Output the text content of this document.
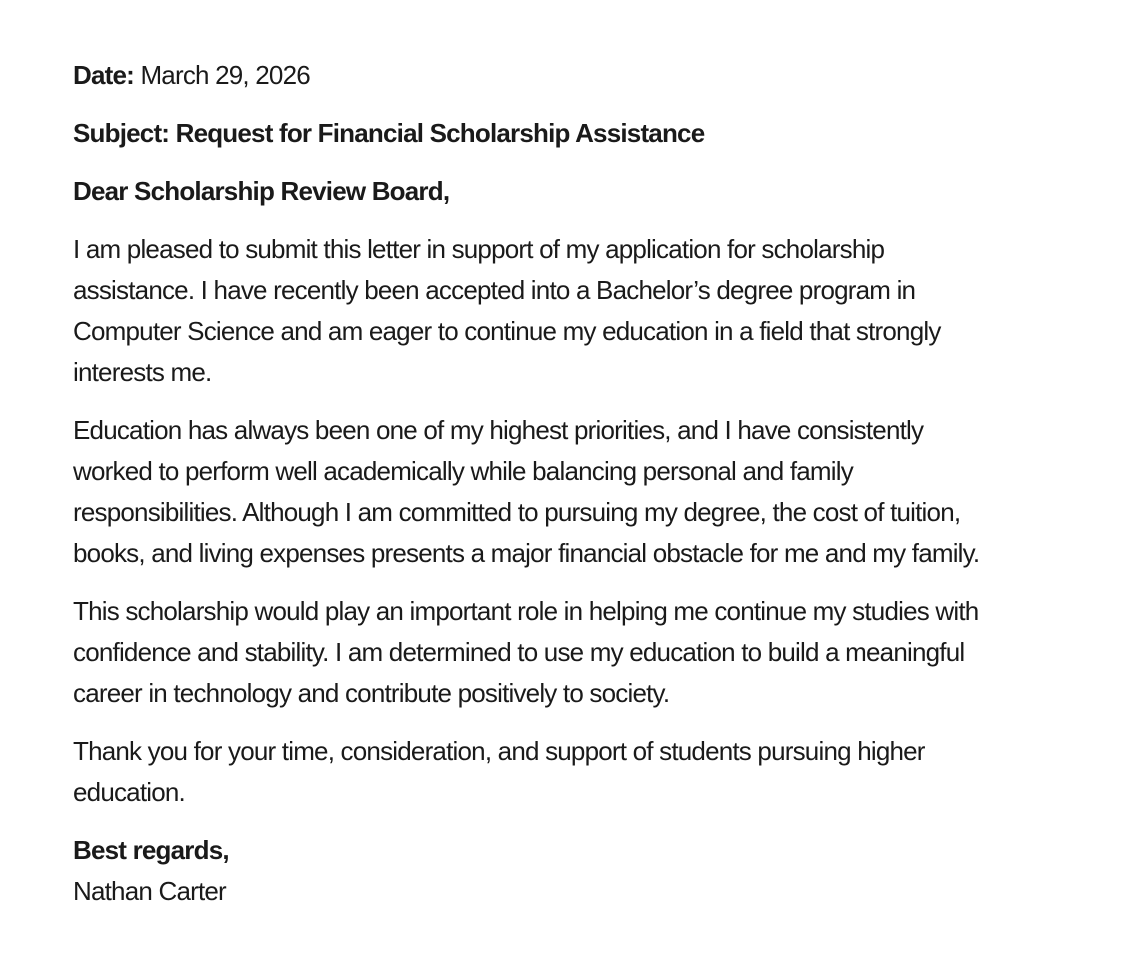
Date: March 29, 2026
Subject: Request for Financial Scholarship Assistance
Dear Scholarship Review Board,
I am pleased to submit this letter in support of my application for scholarship
assistance. I have recently been accepted into a Bachelor’s degree program in
Computer Science and am eager to continue my education in a field that strongly
interests me.
Education has always been one of my highest priorities, and I have consistently
worked to perform well academically while balancing personal and family
responsibilities. Although I am committed to pursuing my degree, the cost of tuition,
books, and living expenses presents a major financial obstacle for me and my family.
This scholarship would play an important role in helping me continue my studies with
confidence and stability. I am determined to use my education to build a meaningful
career in technology and contribute positively to society.
Thank you for your time, consideration, and support of students pursuing higher
education.
Best regards,
Nathan Carter
